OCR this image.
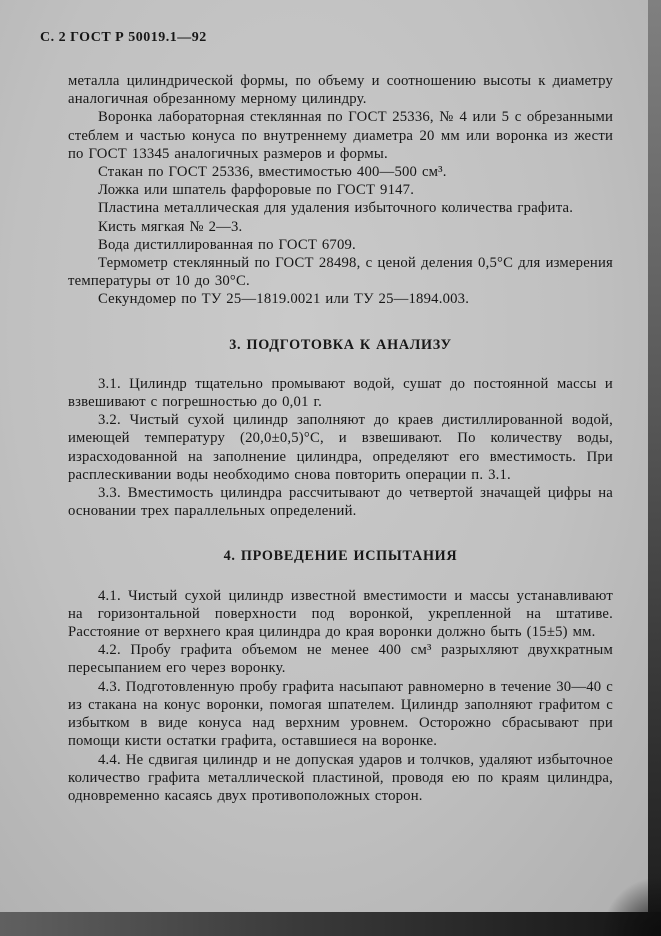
С. 2 ГОСТ Р 50019.1—92

металла цилиндрической формы, по объему и соотношению высоты к диаметру аналогичная обрезанному мерному цилиндру.

Воронка лабораторная стеклянная по ГОСТ 25336, № 4 или 5 с обрезанными стеблем и частью конуса по внутреннему диаметра 20 мм или воронка из жести по ГОСТ 13345 аналогичных размеров и формы.

Стакан по ГОСТ 25336, вместимостью 400—500 см³.

Ложка или шпатель фарфоровые по ГОСТ 9147.

Пластина металлическая для удаления избыточного количества графита.

Кисть мягкая № 2—3.

Вода дистиллированная по ГОСТ 6709.

Термометр стеклянный по ГОСТ 28498, с ценой деления 0,5°С для измерения температуры от 10 до 30°С.

Секундомер по ТУ 25—1819.0021 или ТУ 25—1894.003.

3. ПОДГОТОВКА К АНАЛИЗУ

3.1. Цилиндр тщательно промывают водой, сушат до постоянной массы и взвешивают с погрешностью до 0,01 г.

3.2. Чистый сухой цилиндр заполняют до краев дистиллированной водой, имеющей температуру (20,0±0,5)°С, и взвешивают. По количеству воды, израсходованной на заполнение цилиндра, определяют его вместимость. При расплескивании воды необходимо снова повторить операции п. 3.1.

3.3. Вместимость цилиндра рассчитывают до четвертой значащей цифры на основании трех параллельных определений.

4. ПРОВЕДЕНИЕ ИСПЫТАНИЯ

4.1. Чистый сухой цилиндр известной вместимости и массы устанавливают на горизонтальной поверхности под воронкой, укрепленной на штативе. Расстояние от верхнего края цилиндра до края воронки должно быть (15±5) мм.

4.2. Пробу графита объемом не менее 400 см³ разрыхляют двухкратным пересыпанием его через воронку.

4.3. Подготовленную пробу графита насыпают равномерно в течение 30—40 с из стакана на конус воронки, помогая шпателем. Цилиндр заполняют графитом с избытком в виде конуса над верхним уровнем. Осторожно сбрасывают при помощи кисти остатки графита, оставшиеся на воронке.

4.4. Не сдвигая цилиндр и не допуская ударов и толчков, удаляют избыточное количество графита металлической пластиной, проводя ею по краям цилиндра, одновременно касаясь двух противоположных сторон.
